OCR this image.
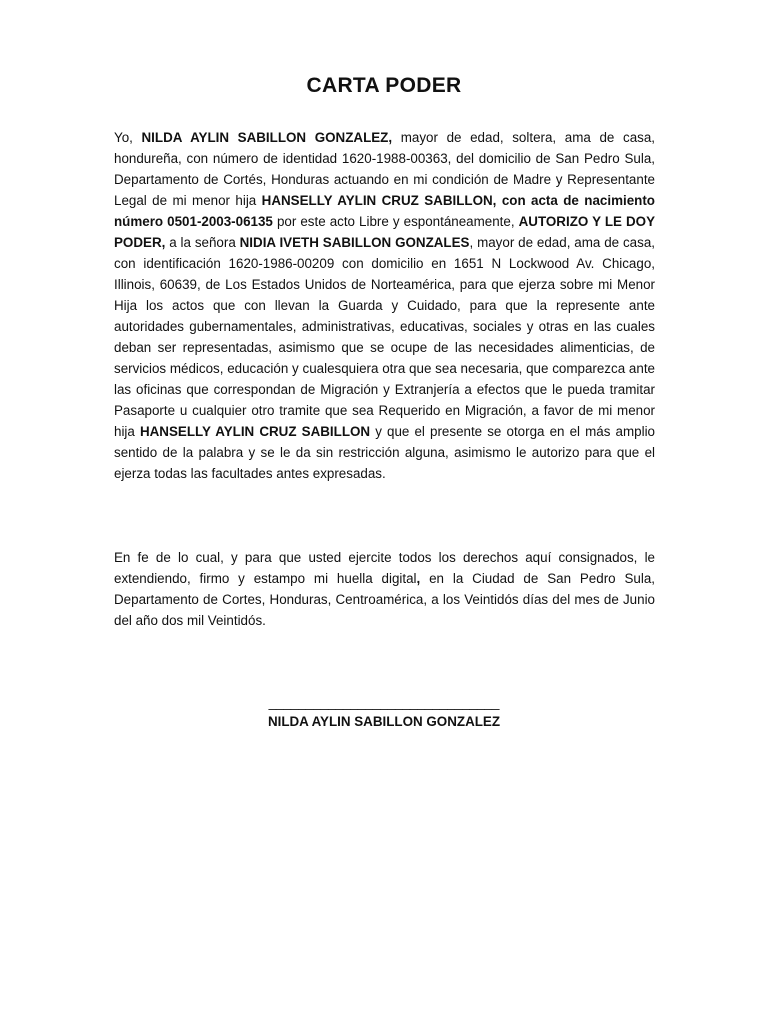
CARTA PODER

Yo, NILDA AYLIN SABILLON GONZALEZ, mayor de edad, soltera, ama de casa, hondureña, con número de identidad 1620-1988-00363, del domicilio de San Pedro Sula, Departamento de Cortés, Honduras actuando en mi condición de Madre y Representante Legal de mi menor hija HANSELLY AYLIN CRUZ SABILLON, con acta de nacimiento número 0501-2003-06135 por este acto Libre y espontáneamente, AUTORIZO Y LE DOY PODER, a la señora NIDIA IVETH SABILLON GONZALES, mayor de edad, ama de casa, con identificación 1620-1986-00209 con domicilio en 1651 N Lockwood Av. Chicago, Illinois, 60639, de Los Estados Unidos de Norteamérica, para que ejerza sobre mi Menor Hija los actos que con llevan la Guarda y Cuidado, para que la represente ante autoridades gubernamentales, administrativas, educativas, sociales y otras en las cuales deban ser representadas, asimismo que se ocupe de las necesidades alimenticias, de servicios médicos, educación y cualesquiera otra que sea necesaria, que comparezca ante las oficinas que correspondan de Migración y Extranjería a efectos que le pueda tramitar Pasaporte u cualquier otro tramite que sea Requerido en Migración, a favor de mi menor hija HANSELLY AYLIN CRUZ SABILLON y que el presente se otorga en el más amplio sentido de la palabra y se le da sin restricción alguna, asimismo le autorizo para que el ejerza todas las facultades antes expresadas.

En fe de lo cual, y para que usted ejercite todos los derechos aquí consignados, le extendiendo, firmo y estampo mi huella digital, en la Ciudad de San Pedro Sula, Departamento de Cortes, Honduras, Centroamérica, a los Veintidós días del mes de Junio del año dos mil Veintidós.

_______________________________
NILDA AYLIN SABILLON GONZALEZ
